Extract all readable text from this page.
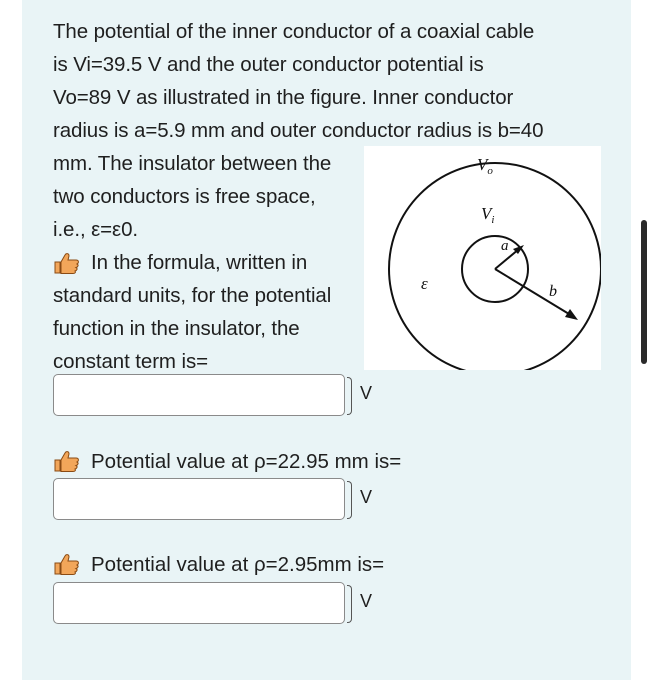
The potential of the inner conductor of a coaxial cable

is Vi=39.5 V and the outer conductor potential is

Vo=89 V as illustrated in the figure. Inner conductor

radius is a=5.9 mm and outer conductor radius is b=40

mm. The insulator between the

two conductors is free space,

i.e., ε=ε0.

In the formula, written in

standard units, for the potential

function in the insulator, the

constant term is=

$V_o$
$V_i$
a
b
ε
V
Potential value at ρ=22.95 mm is=
V
Potential value at ρ=2.95mm is=
V
